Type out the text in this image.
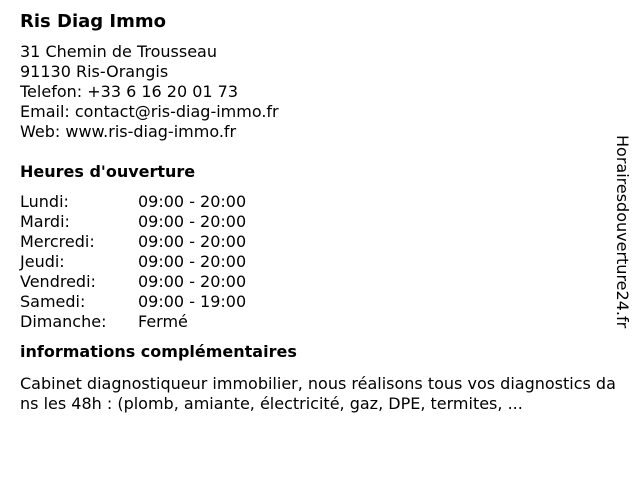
Ris Diag Immo
31 Chemin de Trousseau
91130 Ris-Orangis
Telefon: +33 6 16 20 01 73
Email: contact@ris-diag-immo.fr
Web: www.ris-diag-immo.fr
Heures d'ouverture
Lundi:	09:00 - 20:00
Mardi:	09:00 - 20:00
Mercredi:	09:00 - 20:00
Jeudi:	09:00 - 20:00
Vendredi:	09:00 - 20:00
Samedi:	09:00 - 19:00
Dimanche:	Fermé
informations complémentaires
Cabinet diagnostiqueur immobilier, nous réalisons tous vos diagnostics dans les 48h : (plomb, amiante, électricité, gaz, DPE, termites, ...
Horairesdouverture24.fr
